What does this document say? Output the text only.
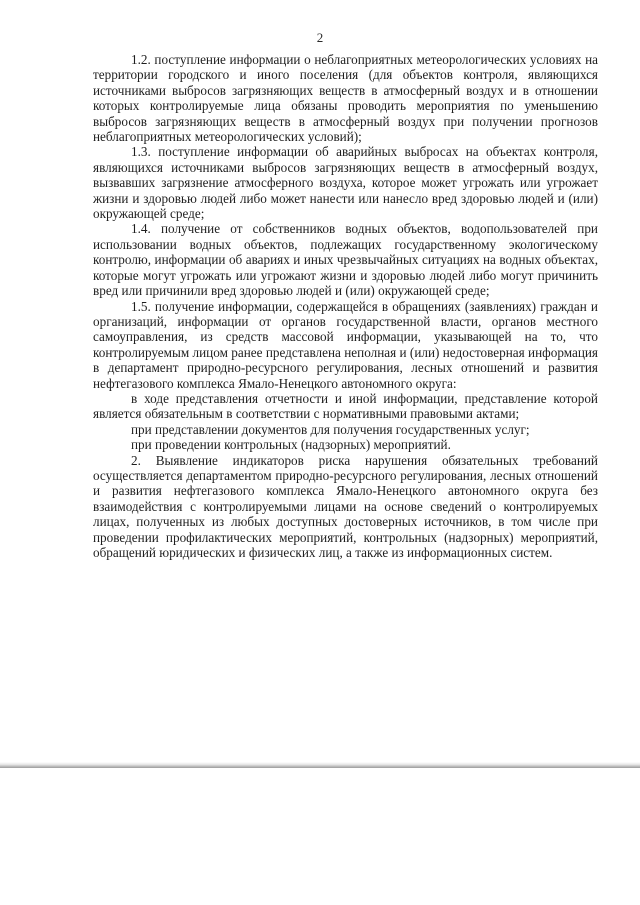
2

1.2. поступление информации о неблагоприятных метеорологических условиях на территории городского и иного поселения (для объектов контроля, являющихся источниками выбросов загрязняющих веществ в атмосферный воздух и в отношении которых контролируемые лица обязаны проводить мероприятия по уменьшению выбросов загрязняющих веществ в атмосферный воздух при получении прогнозов неблагоприятных метеорологических условий);

1.3. поступление информации об аварийных выбросах на объектах контроля, являющихся источниками выбросов загрязняющих веществ в атмосферный воздух, вызвавших загрязнение атмосферного воздуха, которое может угрожать или угрожает жизни и здоровью людей либо может нанести или нанесло вред здоровью людей и (или) окружающей среде;

1.4. получение от собственников водных объектов, водопользователей при использовании водных объектов, подлежащих государственному экологическому контролю, информации об авариях и иных чрезвычайных ситуациях на водных объектах, которые могут угрожать или угрожают жизни и здоровью людей либо могут причинить вред или причинили вред здоровью людей и (или) окружающей среде;

1.5. получение информации, содержащейся в обращениях (заявлениях) граждан и организаций, информации от органов государственной власти, органов местного самоуправления, из средств массовой информации, указывающей на то, что контролируемым лицом ранее представлена неполная и (или) недостоверная информация в департамент природно-ресурсного регулирования, лесных отношений и развития нефтегазового комплекса Ямало-Ненецкого автономного округа:

в ходе представления отчетности и иной информации, представление которой является обязательным в соответствии с нормативными правовыми актами;

при представлении документов для получения государственных услуг;

при проведении контрольных (надзорных) мероприятий.

2. Выявление индикаторов риска нарушения обязательных требований осуществляется департаментом природно-ресурсного регулирования, лесных отношений и развития нефтегазового комплекса Ямало-Ненецкого автономного округа без взаимодействия с контролируемыми лицами на основе сведений о контролируемых лицах, полученных из любых доступных достоверных источников, в том числе при проведении профилактических мероприятий, контрольных (надзорных) мероприятий, обращений юридических и физических лиц, а также из информационных систем.
